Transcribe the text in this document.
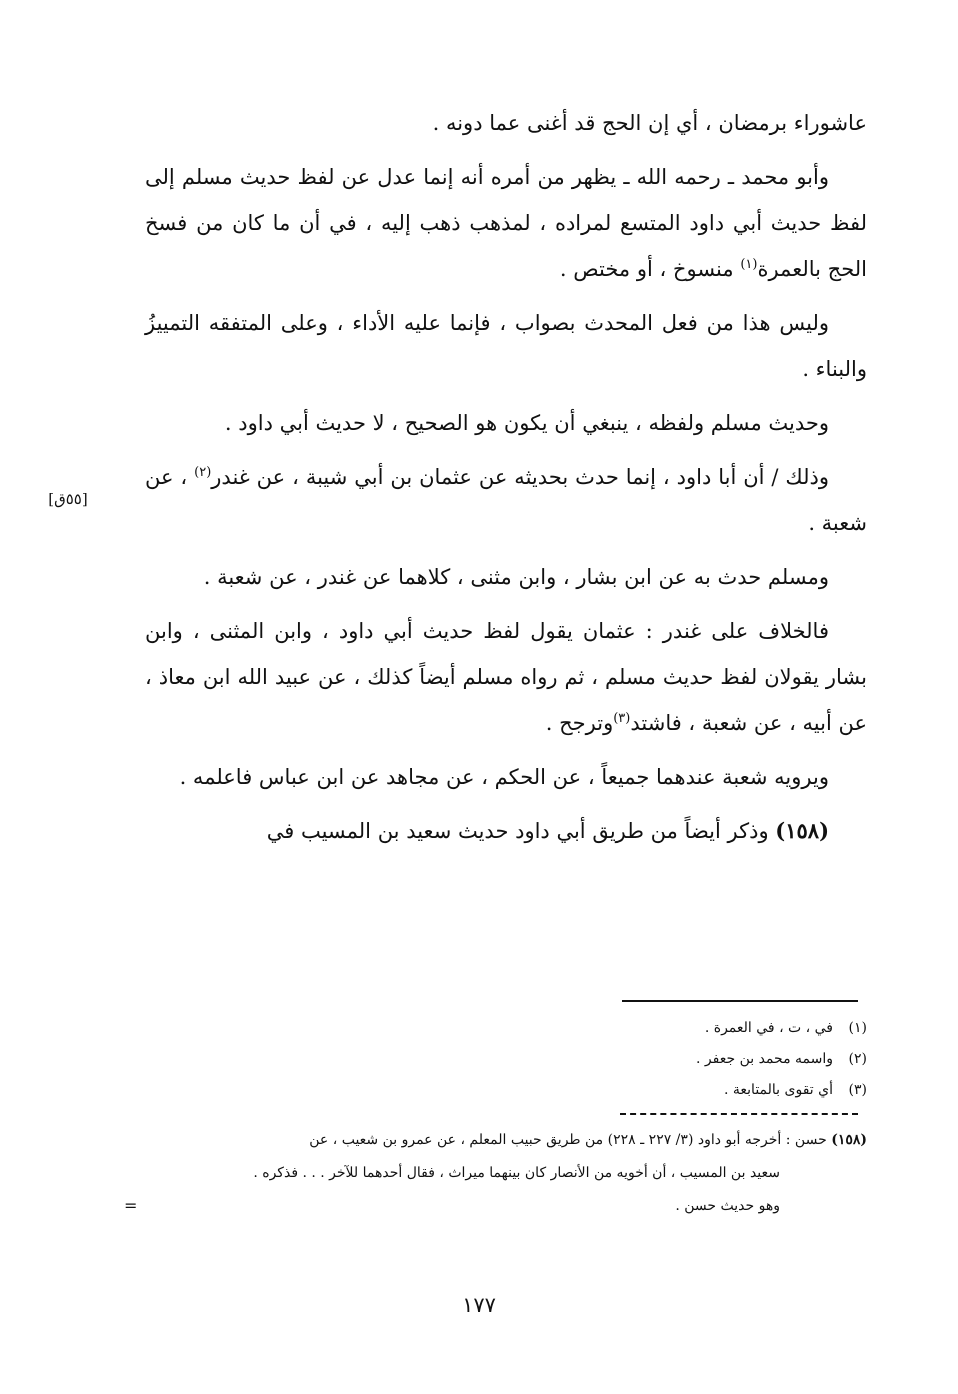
عاشوراء برمضان ، أي إن الحج قد أغنى عما دونه .

وأبو محمد ـ رحمه الله ـ يظهر من أمره أنه إنما عدل عن لفظ حديث مسلم إلى لفظ حديث أبي داود المتسع لمراده ، لمذهب ذهب إليه ، في أن ما كان من فسخ الحج بالعمرة$^{(١)}$ منسوخ ، أو مختص .

وليس هذا من فعل المحدث بصواب ، فإنما عليه الأداء ، وعلى المتفقه التمييزُ والبناء .

وحديث مسلم ولفظه ، ينبغي أن يكون هو الصحيح ، لا حديث أبي داود .

وذلك / أن أبا داود ، إنما حدث بحديثه عن عثمان بن أبي شيبة ، عن غندر$^{(٢)}$ ، عن شعبة .

ومسلم حدث به عن ابن بشار ، وابن مثنى ، كلاهما عن غندر ، عن شعبة .

فالخلاف على غندر : عثمان يقول لفظ حديث أبي داود ، وابن المثنى ، وابن بشار يقولان لفظ حديث مسلم ، ثم رواه مسلم أيضاً كذلك ، عن عبيد الله ابن معاذ ، عن أبيه ، عن شعبة ، فاشتد$^{(٣)}$وترجح .

ويرويه شعبة عندهما جميعاً ، عن الحكم ، عن مجاهد عن ابن عباس فاعلمه .

(١٥٨) وذكر أيضاً من طريق أبي داود حديث سعيد بن المسيب في

[٥٥ق]
(١)في ، ت ، في العمرة .
(٢)واسمه محمد بن جعفر .
(٣)أي تقوى بالمتابعة .

(١٥٨) حسن : أخرجه أبو داود (٣/ ٢٢٧ ـ ٢٢٨) من طريق حبيب المعلم ، عن عمرو بن شعيب ، عن

سعيد بن المسيب ، أن أخويه من الأنصار كان بينهما ميراث ، فقال أحدهما للآخر . . . فذكره .

وهو حديث حسن .

=
١٧٧
